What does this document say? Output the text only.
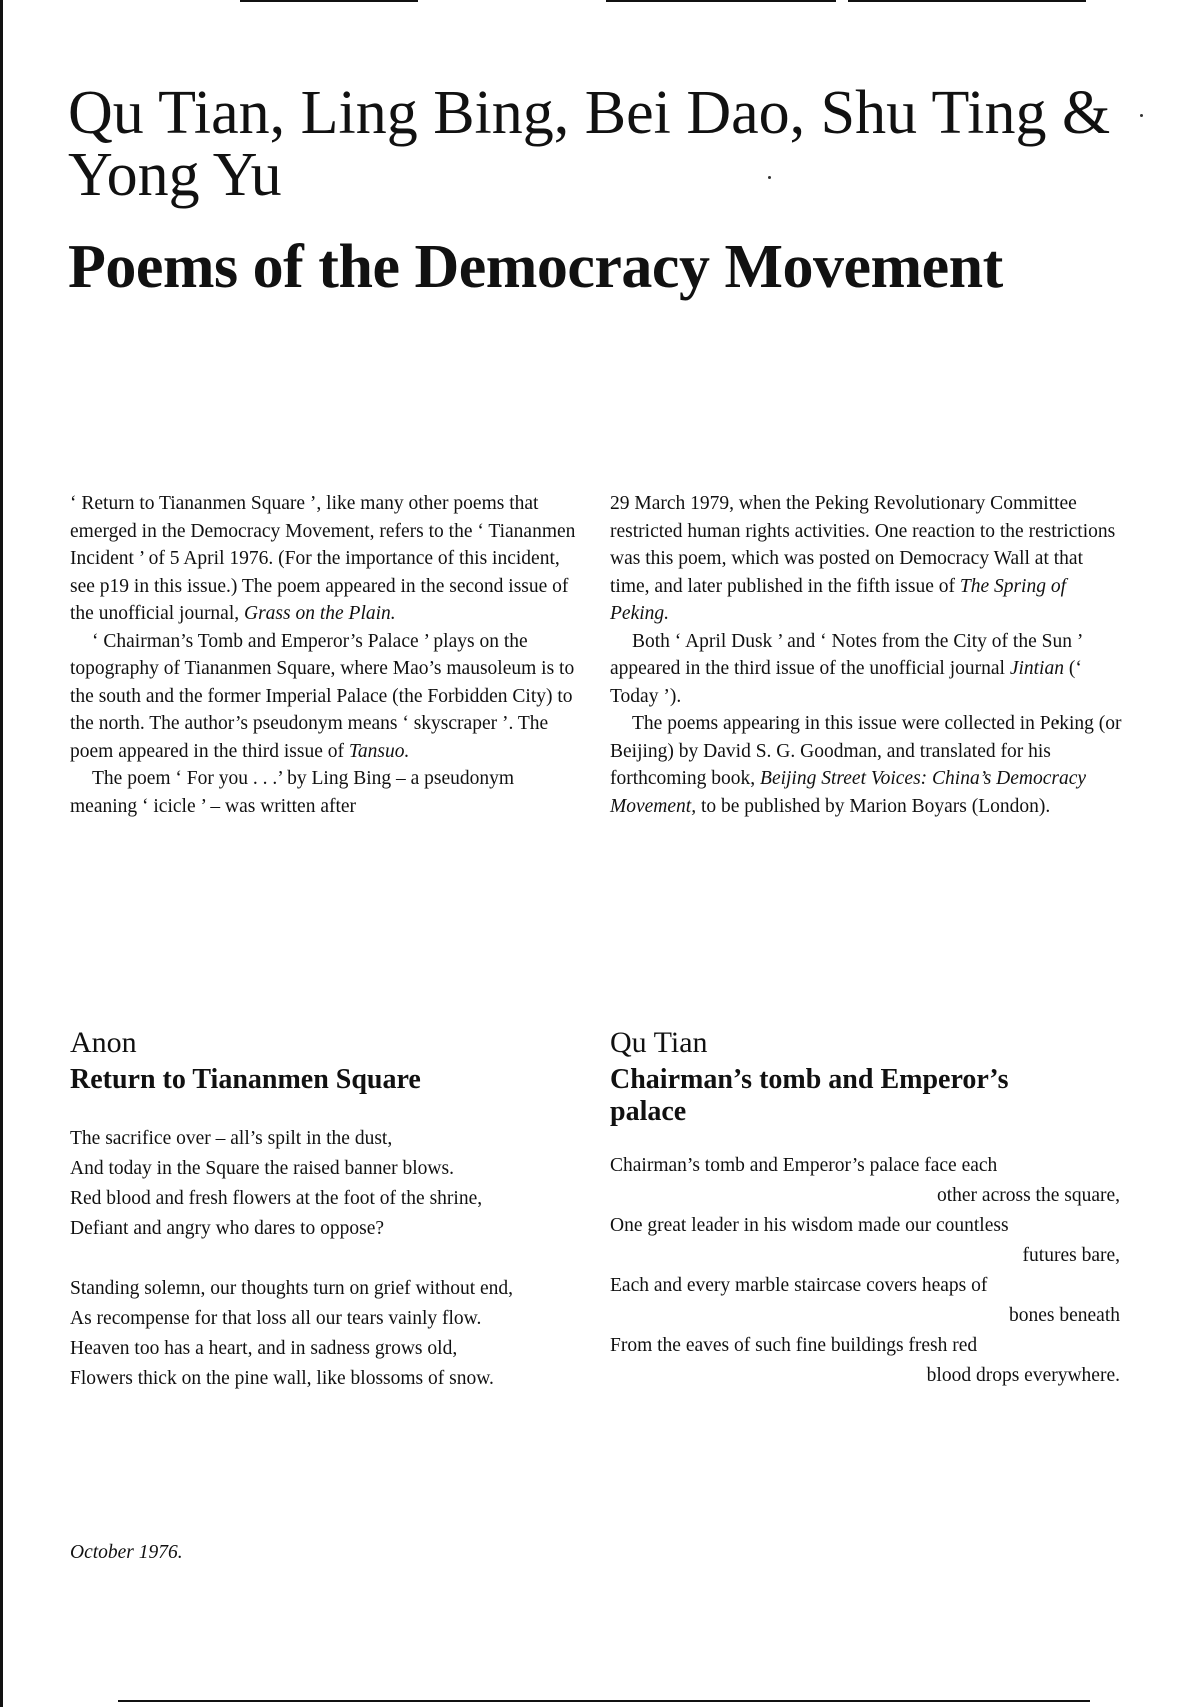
Qu Tian, Ling Bing, Bei Dao, Shu Ting & Yong Yu
Poems of the Democracy Movement

‘ Return to Tiananmen Square ’, like many other poems that emerged in the Democracy Movement, refers to the ‘ Tiananmen Incident ’ of 5 April 1976. (For the importance of this incident, see p19 in this issue.) The poem appeared in the second issue of the unofficial journal, Grass on the Plain.

‘ Chairman’s Tomb and Emperor’s Palace ’ plays on the topography of Tiananmen Square, where Mao’s mausoleum is to the south and the former Imperial Palace (the Forbidden City) to the north. The author’s pseudonym means ‘ skyscraper ’. The poem appeared in the third issue of Tansuo.

The poem ‘ For you . . .’ by Ling Bing – a pseudonym meaning ‘ icicle ’ – was written after

29 March 1979, when the Peking Revolutionary Committee restricted human rights activities. One reaction to the restrictions was this poem, which was posted on Democracy Wall at that time, and later published in the fifth issue of The Spring of Peking.

Both ‘ April Dusk ’ and ‘ Notes from the City of the Sun ’ appeared in the third issue of the unofficial journal Jintian (‘ Today ’).

The poems appearing in this issue were collected in Peking (or Beijing) by David S. G. Goodman, and translated for his forthcoming book, Beijing Street Voices: China’s Democracy Movement, to be published by Marion Boyars (London).

Anon
Return to Tiananmen Square
The sacrifice over – all’s spilt in the dust,
And today in the Square the raised banner blows.
Red blood and fresh flowers at the foot of the shrine,
Defiant and angry who dares to oppose?
Standing solemn, our thoughts turn on grief without end,
As recompense for that loss all our tears vainly flow.
Heaven too has a heart, and in sadness grows old,
Flowers thick on the pine wall, like blossoms of snow.

October 1976.

Qu Tian
Chairman’s tomb and Emperor’s palace
Chairman’s tomb and Emperor’s palace face each
other across the square,
One great leader in his wisdom made our countless
futures bare,
Each and every marble staircase covers heaps of
bones beneath
From the eaves of such fine buildings fresh red
blood drops everywhere.
